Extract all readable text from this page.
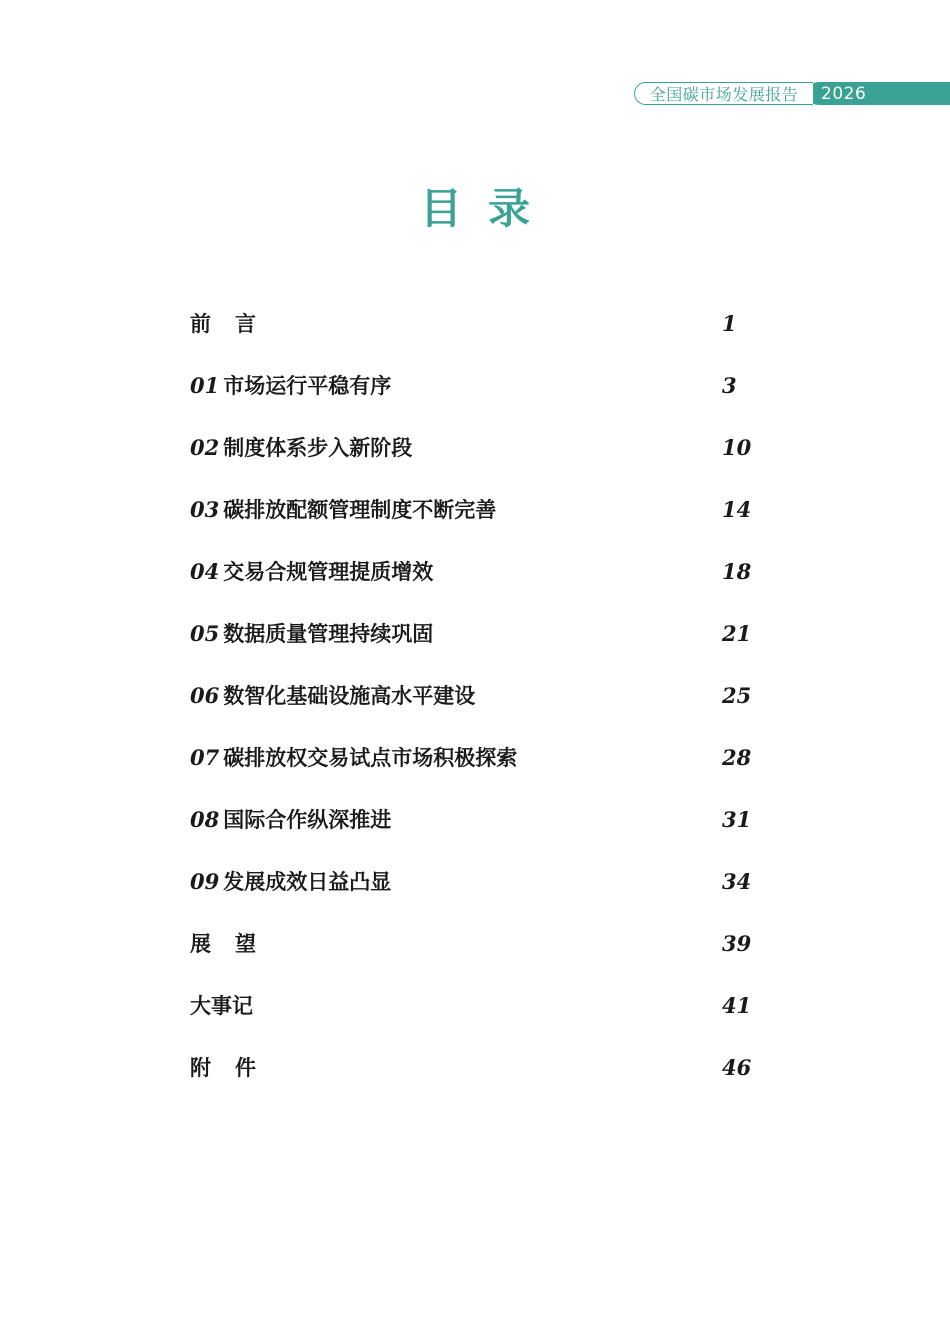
全国碳市场发展报告	2026
目录
前言	1
01 市场运行平稳有序	3
02 制度体系步入新阶段	10
03 碳排放配额管理制度不断完善	14
04 交易合规管理提质增效	18
05 数据质量管理持续巩固	21
06 数智化基础设施高水平建设	25
07 碳排放权交易试点市场积极探索	28
08 国际合作纵深推进	31
09 发展成效日益凸显	34
展望	39
大事记	41
附件	46
